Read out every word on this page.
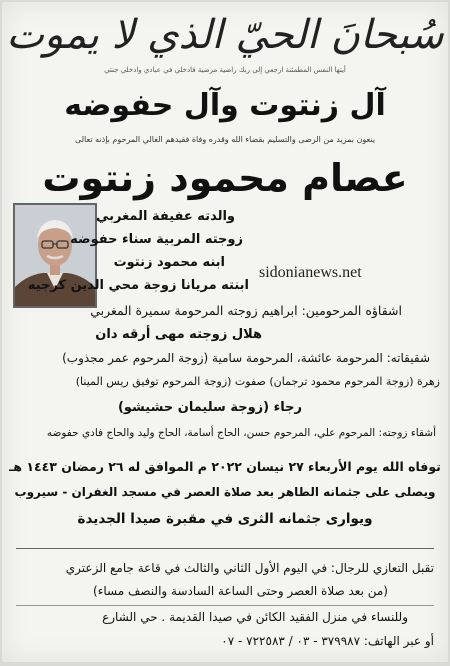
سُبحانَ الحيّ الذي لا يموت
أيتها النفس المطمئنة ارجعي إلى ربك راضية مرضية فادخلي في عبادي وادخلي جنتي
آل زنتوت وآل حفوضه
ينعون بمزيد من الرضى والتسليم بقضاء الله وقدره وفاة فقيدهم الغالي المرحوم بإذنه تعالى
عصام محمود زنتوت
sidonianews.net
والدته عفيفة المغربي
زوجته المربية سناء حفوضه
ابنه محمود زنتوت
ابنته مريانا زوجة محي الدين كرجيه
اشقاؤه المرحومين: ابراهيم زوجته المرحومة سميرة المغربي
هلال زوجته مهى أرقه دان
شقيقاته: المرحومة عائشة، المرحومة سامية (زوجة المرحوم عمر مجذوب)
زهرة (زوجة المرحوم محمود ترجمان) صفوت (زوجة المرحوم توفيق ريس المينا)
رجاء (زوجة سليمان حشيشو)
أشقاء زوجته: المرحوم علي، المرحوم حسن، الحاج أسامة، الحاج وليد والحاج فادي حفوضه
توفاه الله يوم الأربعاء ٢٧ نيسان ٢٠٢٢ م الموافق له ٢٦ رمضان ١٤٤٣ هـ
ويصلى على جثمانه الطاهر بعد صلاة العصر في مسجد الغفران - سيروب
ويوارى جثمانه الثرى في مقبرة صيدا الجديدة
تقبل التعازي للرجال: في اليوم الأول الثاني والثالث في قاعة جامع الزعتري
(من بعد صلاة العصر وحتى الساعة السادسة والنصف مساء)
وللنساء في منزل الفقيد الكائن في صيدا القديمة . حي الشارع
أو عبر الهاتف: ٣٧٩٩٨٧ - ٠٣ / ٧٢٢٥٨٣ - ٠٧
